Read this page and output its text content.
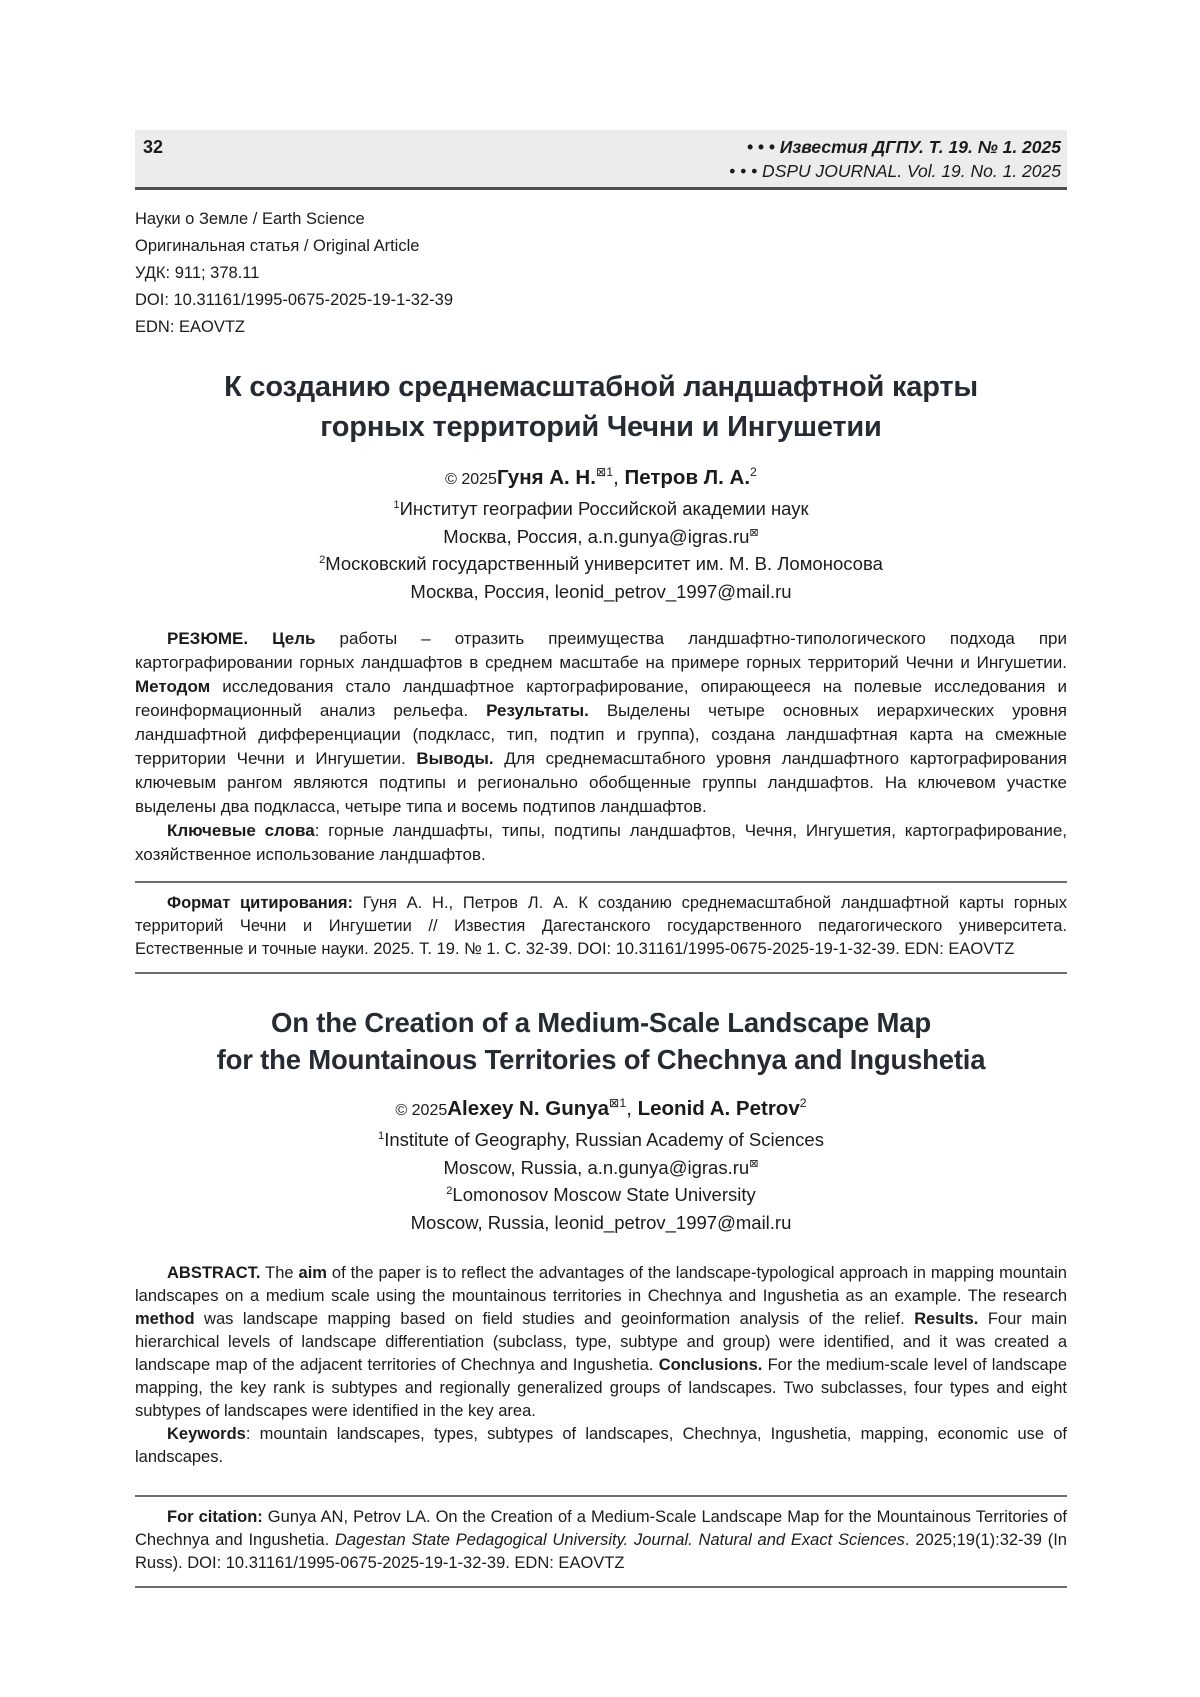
32	• • • Известия ДГПУ. Т. 19. № 1. 2025
• • • DSPU JOURNAL. Vol. 19. No. 1. 2025
Науки о Земле / Earth Science
Оригинальная статья / Original Article
УДК: 911; 378.11
DOI: 10.31161/1995-0675-2025-19-1-32-39
EDN: EAOVTZ
К созданию среднемасштабной ландшафтной карты
горных территорий Чечни и Ингушетии
© 2025Гуня А. Н.$^{⊠1}$, Петров Л. А.$^2$
$^1$Институт географии Российской академии наук
Москва, Россия, a.n.gunya@igras.ru⊠
$^2$Московский государственный университет им. М. В. Ломоносова
Москва, Россия, leonid_petrov_1997@mail.ru

РЕЗЮМЕ. Цель работы – отразить преимущества ландшафтно-типологического подхода при картографировании горных ландшафтов в среднем масштабе на примере горных территорий Чечни и Ингушетии. Методом исследования стало ландшафтное картографирование, опирающееся на полевые исследования и геоинформационный анализ рельефа. Результаты. Выделены четыре основных иерархических уровня ландшафтной дифференциации (подкласс, тип, подтип и группа), создана ландшафтная карта на смежные территории Чечни и Ингушетии. Выводы. Для среднемасштабного уровня ландшафтного картографирования ключевым рангом являются подтипы и регионально обобщенные группы ландшафтов. На ключевом участке выделены два подкласса, четыре типа и восемь подтипов ландшафтов.

Ключевые слова: горные ландшафты, типы, подтипы ландшафтов, Чечня, Ингушетия, картографирование, хозяйственное использование ландшафтов.

Формат цитирования: Гуня А. Н., Петров Л. А. К созданию среднемасштабной ландшафтной карты горных территорий Чечни и Ингушетии // Известия Дагестанского государственного педагогического университета. Естественные и точные науки. 2025. Т. 19. № 1. С. 32-39. DOI: 10.31161/1995-0675-2025-19-1-32-39. EDN: EAOVTZ

On the Creation of a Medium-Scale Landscape Map
for the Mountainous Territories of Chechnya and Ingushetia
© 2025Alexey N. Gunya$^{⊠1}$, Leonid A. Petrov$^2$
$^1$Institute of Geography, Russian Academy of Sciences
Moscow, Russia, a.n.gunya@igras.ru⊠
$^2$Lomonosov Moscow State University
Moscow, Russia, leonid_petrov_1997@mail.ru

ABSTRACT. The aim of the paper is to reflect the advantages of the landscape-typological approach in mapping mountain landscapes on a medium scale using the mountainous territories in Chechnya and Ingushetia as an example. The research method was landscape mapping based on field studies and geoinformation analysis of the relief. Results. Four main hierarchical levels of landscape differentiation (subclass, type, subtype and group) were identified, and it was created a landscape map of the adjacent territories of Chechnya and Ingushetia. Conclusions. For the medium-scale level of landscape mapping, the key rank is subtypes and regionally generalized groups of landscapes. Two subclasses, four types and eight subtypes of landscapes were identified in the key area.

Keywords: mountain landscapes, types, subtypes of landscapes, Chechnya, Ingushetia, mapping, economic use of landscapes.

For citation: Gunya AN, Petrov LA. On the Creation of a Medium-Scale Landscape Map for the Mountainous Territories of Chechnya and Ingushetia. Dagestan State Pedagogical University. Journal. Natural and Exact Sciences. 2025;19(1):32-39 (In Russ). DOI: 10.31161/1995-0675-2025-19-1-32-39. EDN: EAOVTZ
